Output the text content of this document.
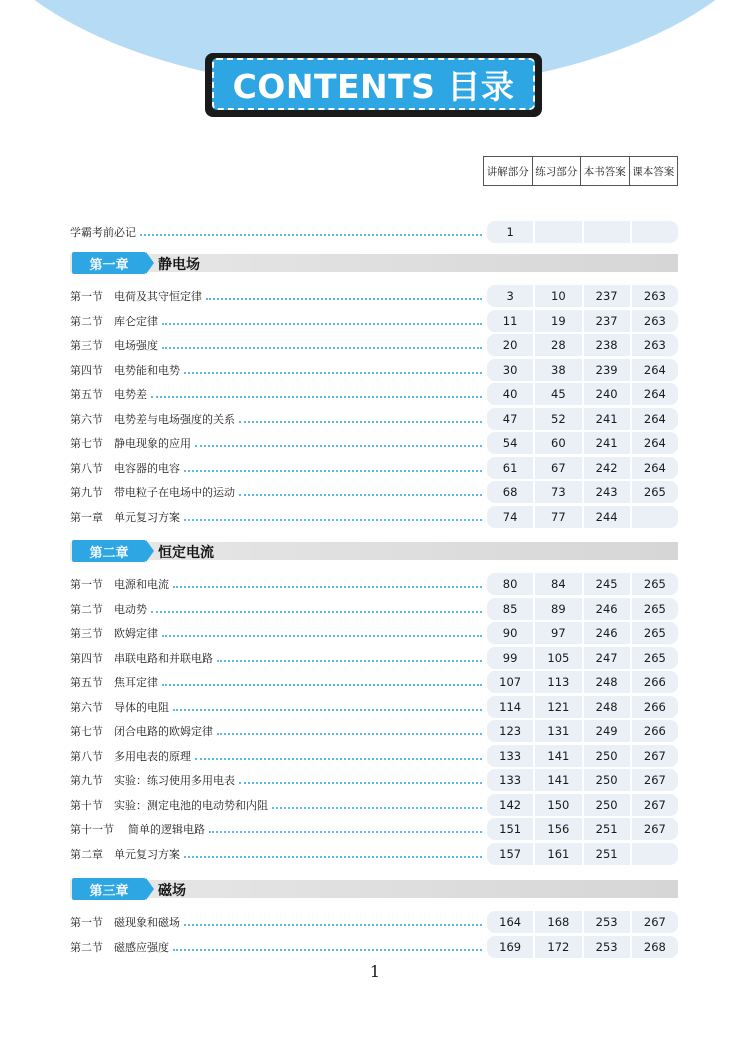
CONTENTS 目录
讲解部分 练习部分 本书答案 课本答案
学霸考前必记	1
第一章	静电场
第一节 电荷及其守恒定律	3	10	237	263
第二节 库仑定律	11	19	237	263
第三节 电场强度	20	28	238	263
第四节 电势能和电势	30	38	239	264
第五节 电势差	40	45	240	264
第六节 电势差与电场强度的关系	47	52	241	264
第七节 静电现象的应用	54	60	241	264
第八节 电容器的电容	61	67	242	264
第九节 带电粒子在电场中的运动	68	73	243	265
第一章 单元复习方案	74	77	244
第二章	恒定电流
第一节 电源和电流	80	84	245	265
第二节 电动势	85	89	246	265
第三节 欧姆定律	90	97	246	265
第四节 串联电路和并联电路	99	105	247	265
第五节 焦耳定律	107	113	248	266
第六节 导体的电阻	114	121	248	266
第七节 闭合电路的欧姆定律	123	131	249	266
第八节 多用电表的原理	133	141	250	267
第九节 实验：练习使用多用电表	133	141	250	267
第十节 实验：测定电池的电动势和内阻	142	150	250	267
第十一节 简单的逻辑电路	151	156	251	267
第二章 单元复习方案	157	161	251
第三章	磁场
第一节 磁现象和磁场	164	168	253	267
第二节 磁感应强度	169	172	253	268
1
